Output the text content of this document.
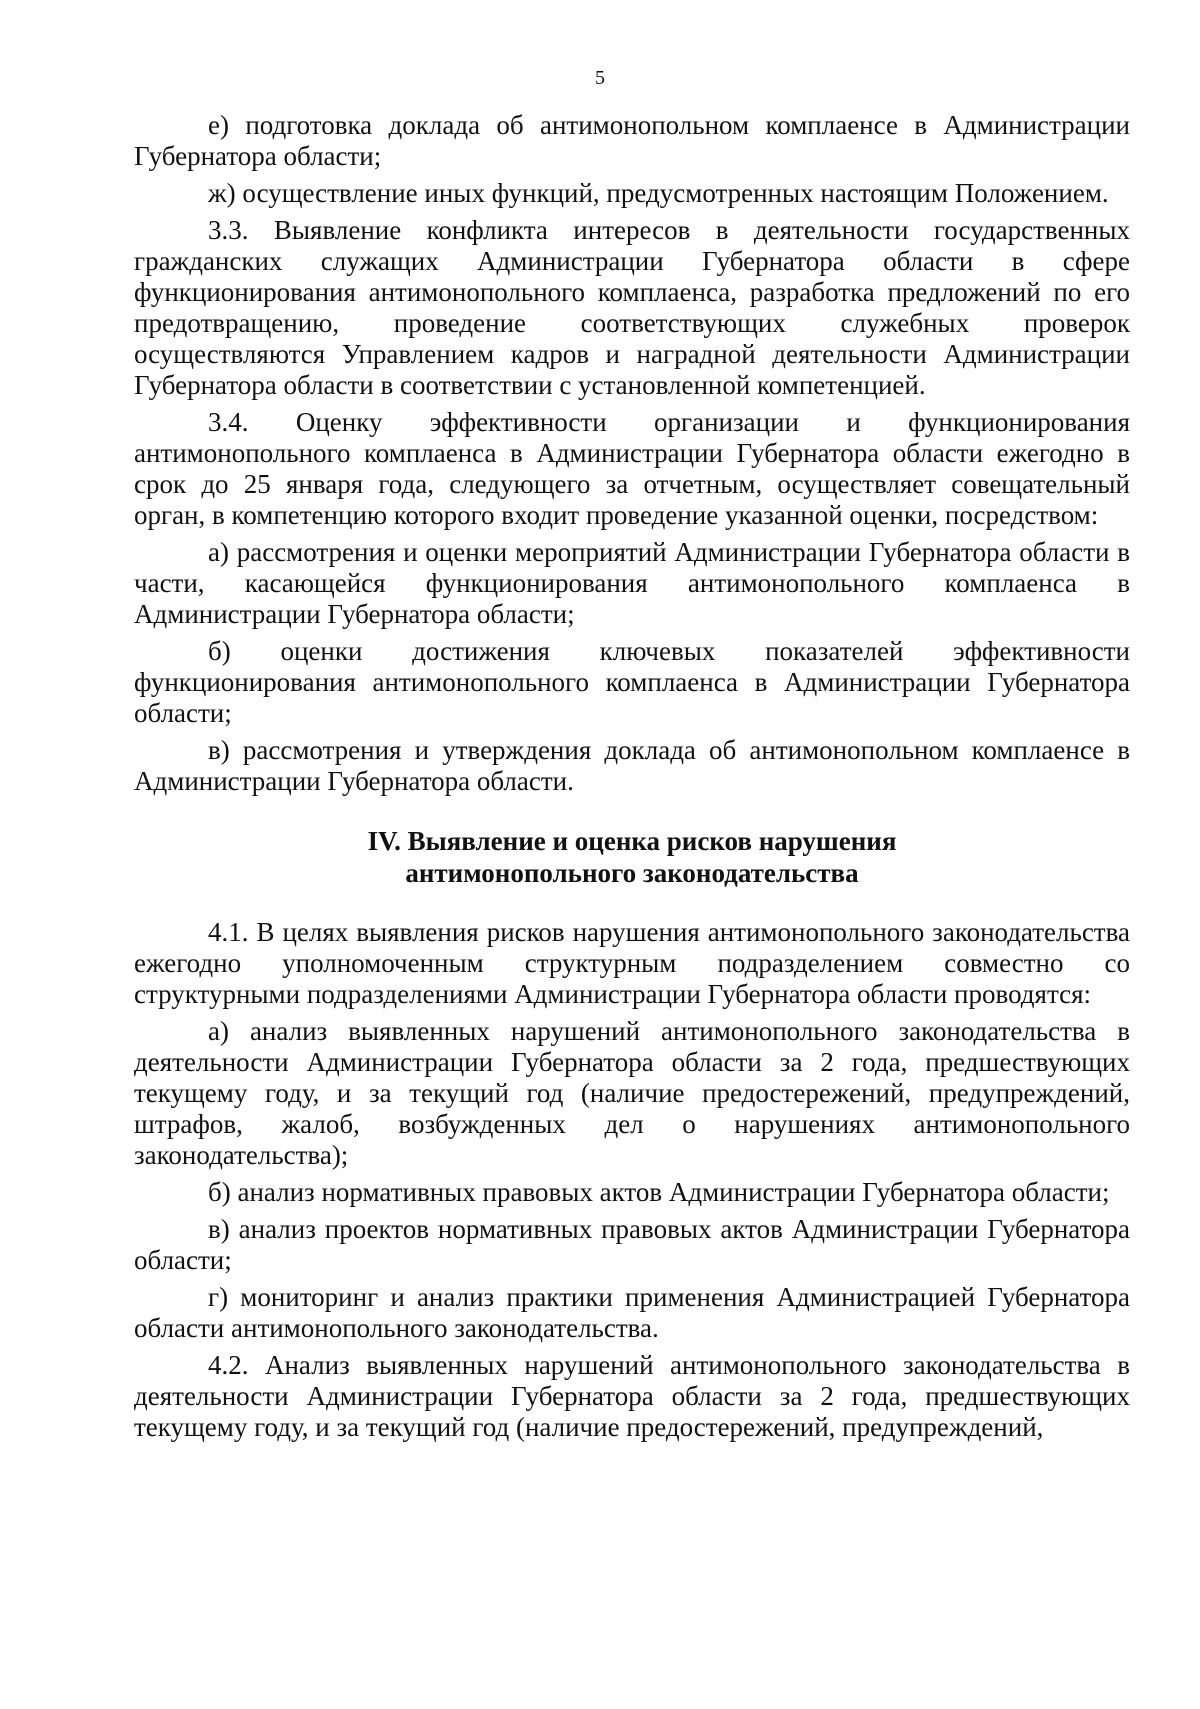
5

е) подготовка доклада об антимонопольном комплаенсе в Администрации Губернатора области;

ж) осуществление иных функций, предусмотренных настоящим Положением.

3.3. Выявление конфликта интересов в деятельности государственных гражданских служащих Администрации Губернатора области в сфере функционирования антимонопольного комплаенса, разработка предложений по его предотвращению, проведение соответствующих служебных проверок осуществляются Управлением кадров и наградной деятельности Администрации Губернатора области в соответствии с установленной компетенцией.

3.4. Оценку эффективности организации и функционирования антимонопольного комплаенса в Администрации Губернатора области ежегодно в срок до 25 января года, следующего за отчетным, осуществляет совещательный орган, в компетенцию которого входит проведение указанной оценки, посредством:

а) рассмотрения и оценки мероприятий Администрации Губернатора области в части, касающейся функционирования антимонопольного комплаенса в Администрации Губернатора области;

б) оценки достижения ключевых показателей эффективности функционирования антимонопольного комплаенса в Администрации Губернатора области;

в) рассмотрения и утверждения доклада об антимонопольном комплаенсе в Администрации Губернатора области.

IV. Выявление и оценка рисков нарушения
антимонопольного законодательства

4.1. В целях выявления рисков нарушения антимонопольного законодательства ежегодно уполномоченным структурным подразделением совместно со структурными подразделениями Администрации Губернатора области проводятся:

а) анализ выявленных нарушений антимонопольного законодательства в деятельности Администрации Губернатора области за 2 года, предшествующих текущему году, и за текущий год (наличие предостережений, предупреждений, штрафов, жалоб, возбужденных дел о нарушениях антимонопольного законодательства);

б) анализ нормативных правовых актов Администрации Губернатора области;

в) анализ проектов нормативных правовых актов Администрации Губернатора области;

г) мониторинг и анализ практики применения Администрацией Губернатора области антимонопольного законодательства.

4.2. Анализ выявленных нарушений антимонопольного законодательства в деятельности Администрации Губернатора области за 2 года, предшествующих текущему году, и за текущий год (наличие предостережений, предупреждений,
